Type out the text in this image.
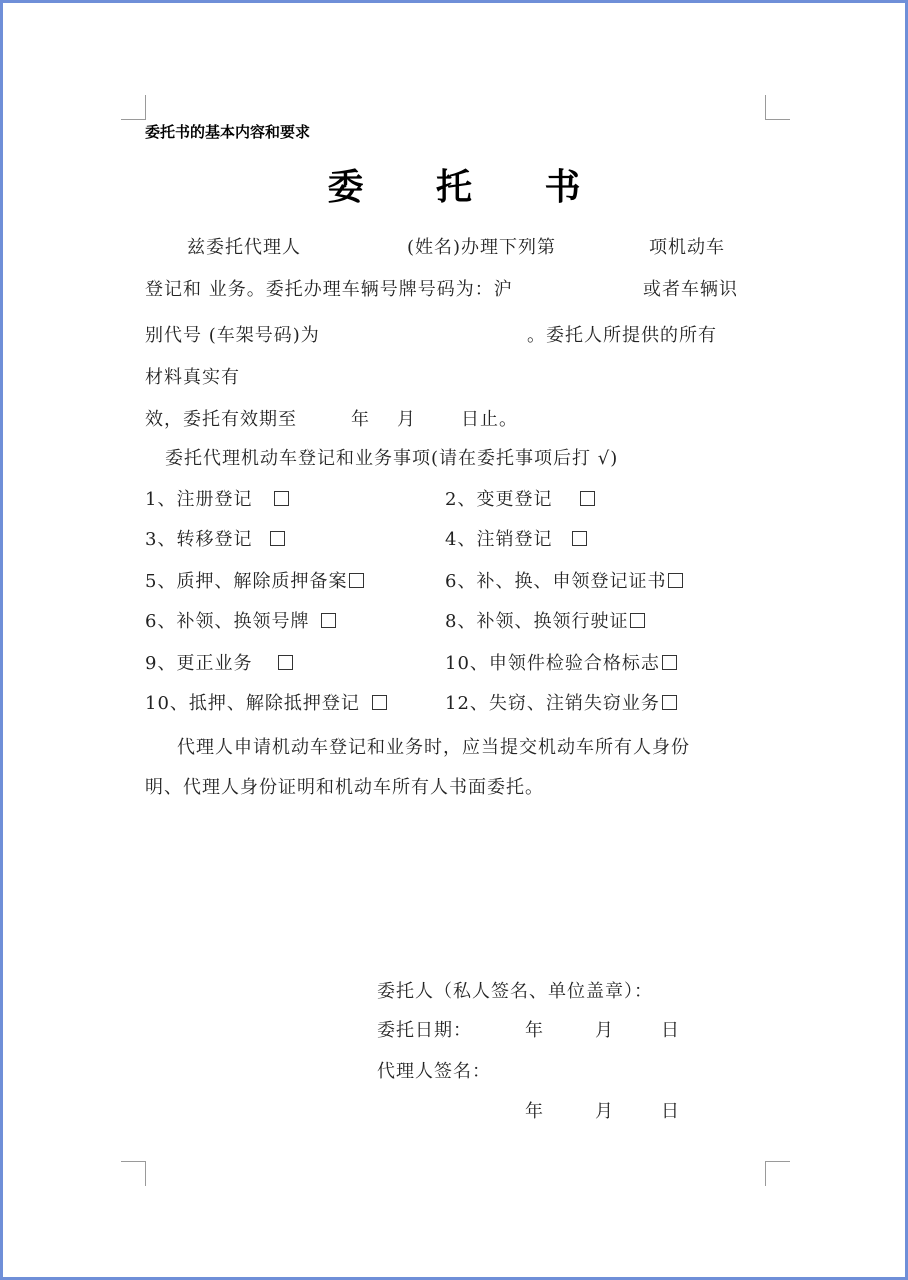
委托书的基本内容和要求
委 托 书
兹委托代理人	(姓名)办理下列第	项机动车
登记和 业务。委托办理车辆号牌号码为：沪	或者车辆识
别代号 (车架号码)为	。委托人所提供的所有
材料真实有
效，委托有效期至	年 月	日止。
委托代理机动车登记和业务事项(请在委托事项后打 √)
1、注册登记	2、变更登记
3、转移登记	4、注销登记
5、质押、解除质押备案	6、补、换、申领登记证书
6、补领、换领号牌	8、补领、换领行驶证
9、更正业务	10、申领件检验合格标志
10、抵押、解除抵押登记	12、失窃、注销失窃业务
代理人申请机动车登记和业务时，应当提交机动车所有人身份
明、代理人身份证明和机动车所有人书面委托。
委托人（私人签名、单位盖章）：
委托日期：	年	月	日
代理人签名：
年	月	日
